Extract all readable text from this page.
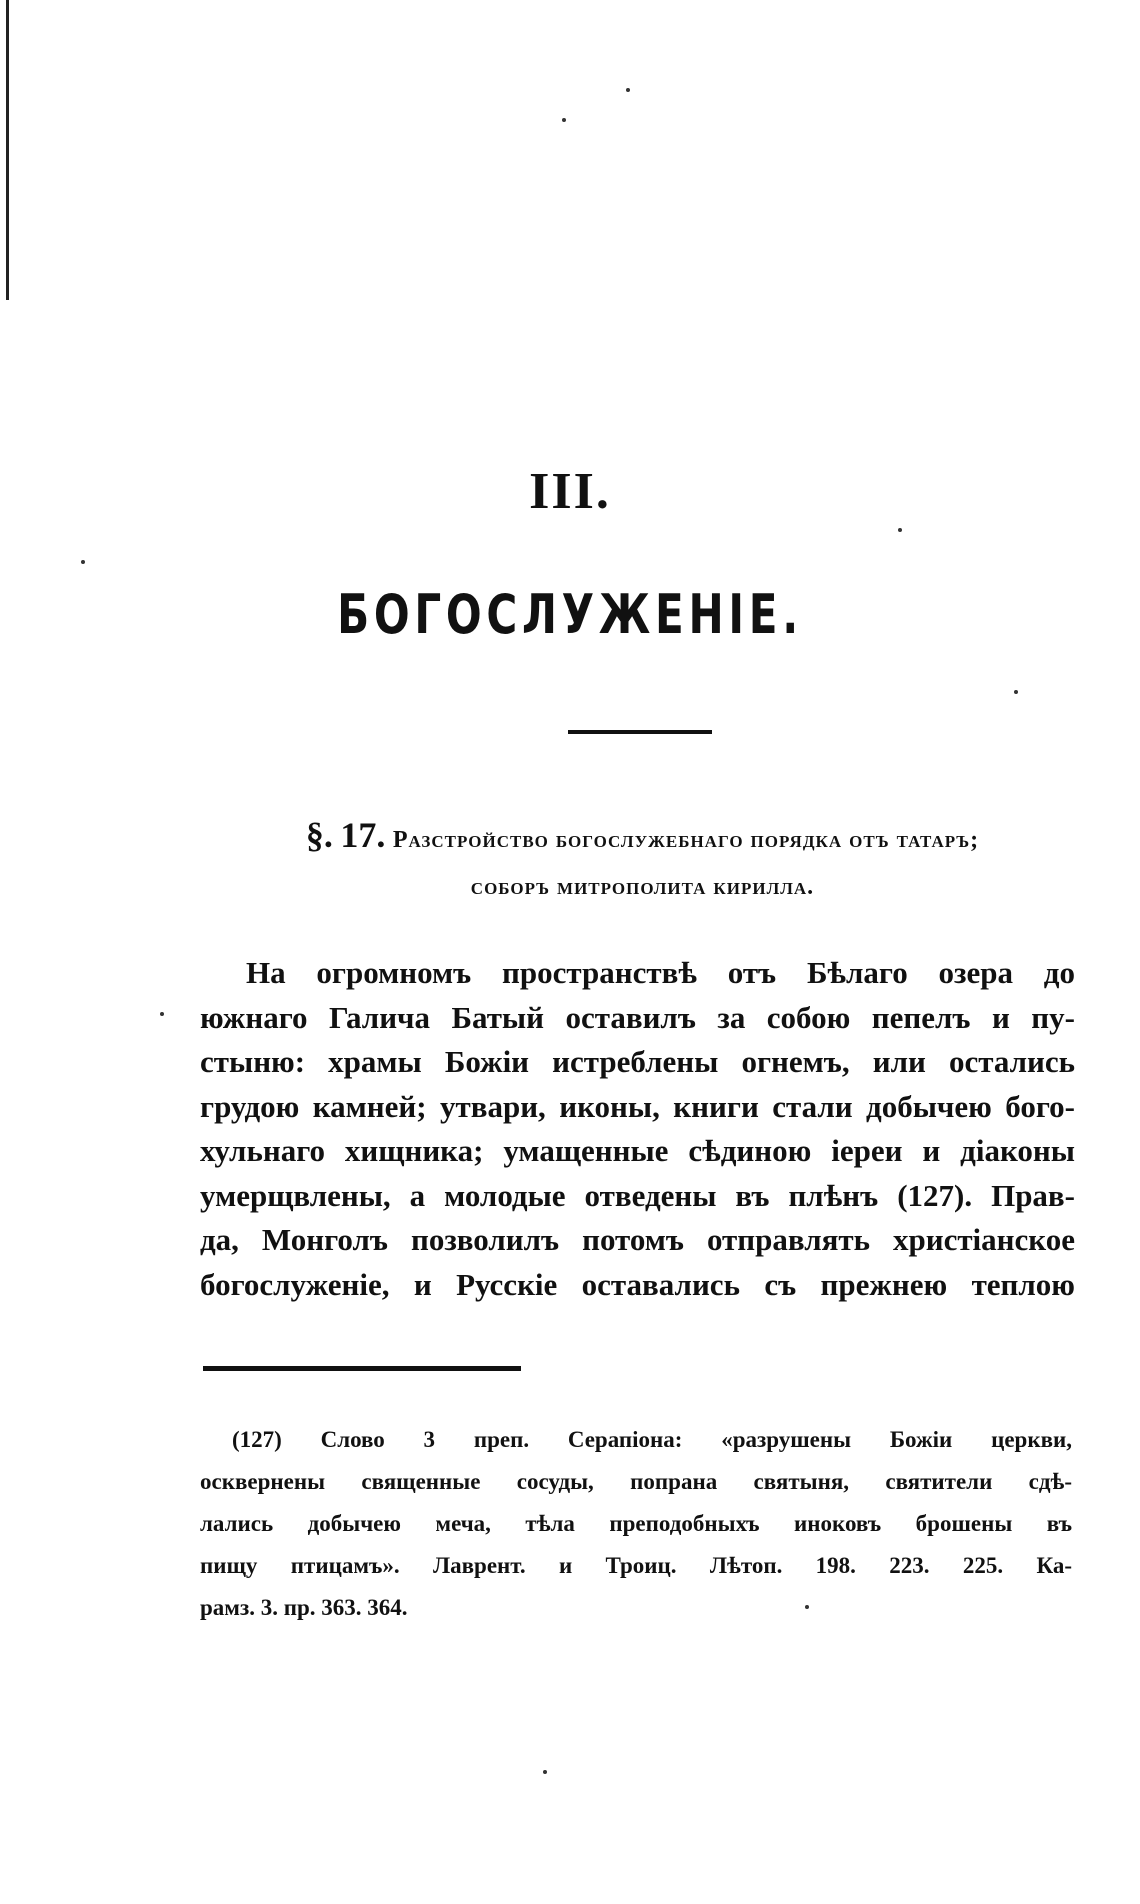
III.
БОГОСЛУЖЕНІЕ.
§. 17. Разстройство богослужебнаго порядка отъ татаръ;
соборъ митрополита кирилла.
На огромномъ пространствѣ отъ Бѣлаго озера до
южнаго Галича Батый оставилъ за собою пепелъ и пу-
стыню: храмы Божіи истреблены огнемъ, или остались
грудою камней; утвари, иконы, книги стали добычею бого-
хульнаго хищника; умащенные сѣдиною іереи и діаконы
умерщвлены, а молодые отведены въ плѣнъ (127). Прав-
да, Монголъ позволилъ потомъ отправлять христіанское
богослуженіе, и Русскіе оставались съ прежнею теплою
(127) Слово 3 преп. Серапіона: «разрушены Божіи церкви,
осквернены священные сосуды, попрана святыня, святители сдѣ-
лались добычею меча, тѣла преподобныхъ иноковъ брошены въ
пищу птицамъ». Лаврент. и Троиц. Лѣтоп. 198. 223. 225. Ка-
рамз. 3. пр. 363. 364.
